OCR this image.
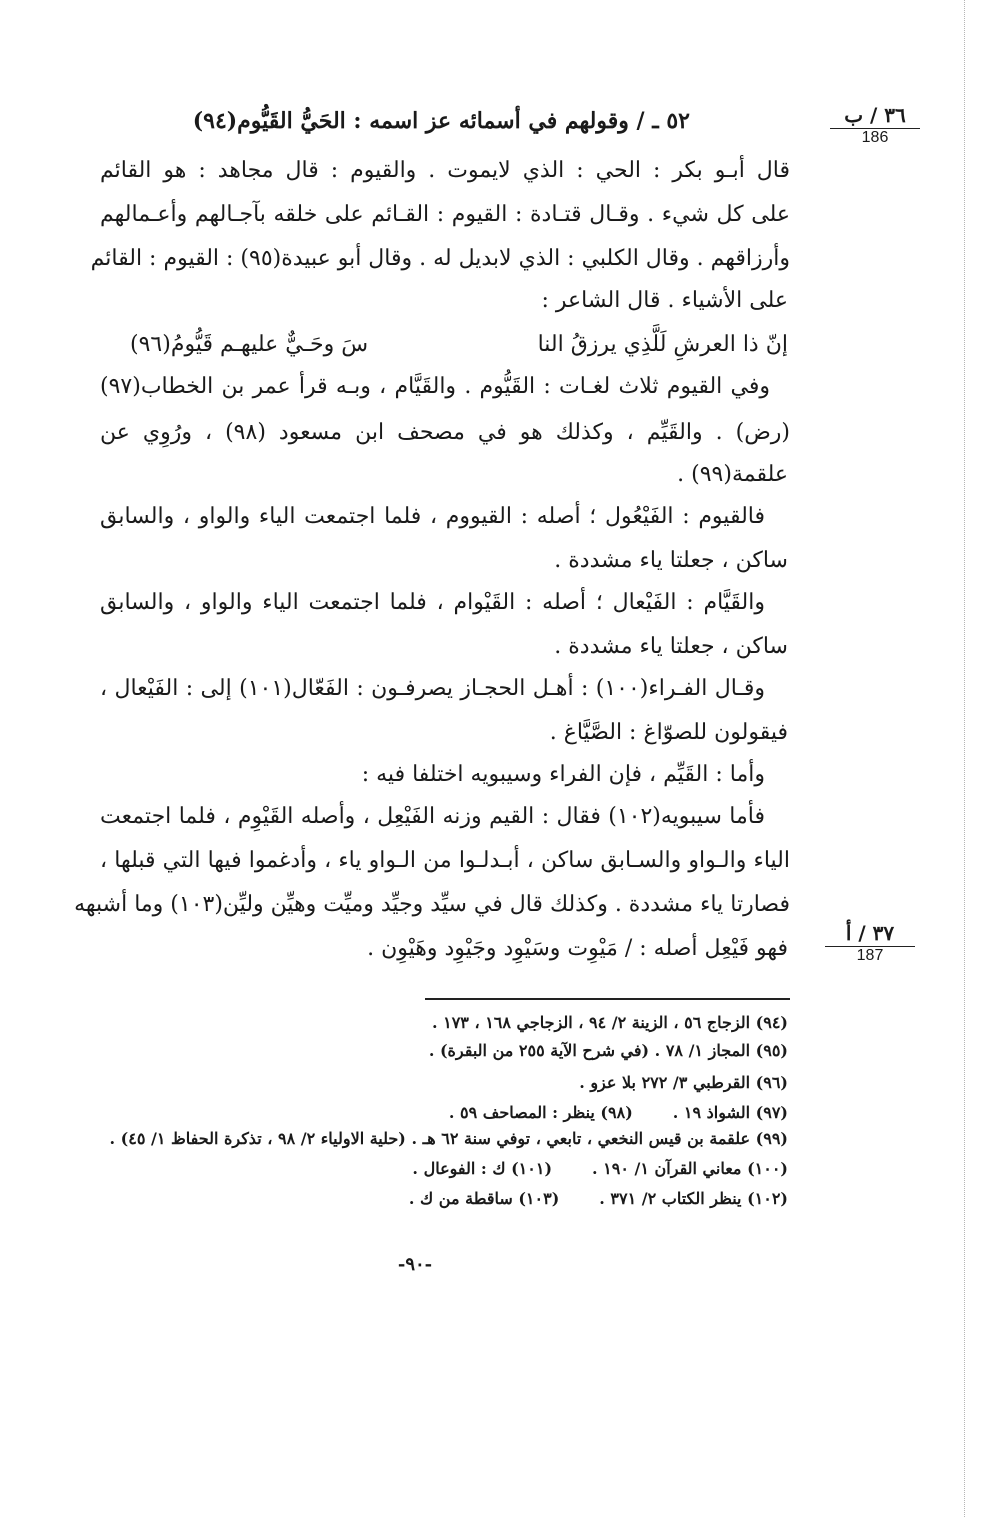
٣٦ / ب
186
٣٧ / أ
187
٥٢ ـ / وقولهم في أسمائه عز اسمه : الحَيُّ القَيُّوم(٩٤)
قال أبـو بكر : الحي : الذي لايموت . والقيوم : قال مجاهد : هو القائم
على كل شيء . وقـال قتـادة : القيوم : القـائم على خلقه بآجـالهم وأعـمالهم
وأرزاقهم . وقال الكلبي : الذي لابديل له . وقال أبو عبيدة(٩٥) : القيوم : القائم
على الأشياء . قال الشاعر :
إنّ ذا العرشِ لَلَّذِي يرزقُ النا
سَ وحَـيٌّ عليهـم قَيُّومُ(٩٦)
وفي القيوم ثلاث لغـات : القَيُّوم . والقَيَّام ، وبـه قرأ عمر بن الخطاب(٩٧)
(رض) . والقَيِّم ، وكذلك هو في مصحف ابن مسعود (٩٨) ، ورُوِي عن
علقمة(٩٩) .
فالقيوم : الفَيْعُول ؛ أصله : القيووم ، فلما اجتمعت الياء والواو ، والسابق
ساكن ، جعلتا ياء مشددة .
والقَيَّام : الفَيْعال ؛ أصله : القَيْوام ، فلما اجتمعت الياء والواو ، والسابق
ساكن ، جعلتا ياء مشددة .
وقـال الفـراء(١٠٠) : أهـل الحجـاز يصرفـون : الفَعّال(١٠١) إلى : الفَيْعال ،
فيقولون للصوّاغ : الصَّيَّاغ .
وأما : القَيِّم ، فإن الفراء وسيبويه اختلفا فيه :
فأما سيبويه(١٠٢) فقال : القيم وزنه الفَيْعِل ، وأصله القَيْوِم ، فلما اجتمعت
الياء والـواو والسـابق ساكن ، أبـدلـوا من الـواو ياء ، وأدغموا فيها التي قبلها ،
فصارتا ياء مشددة . وكذلك قال في سيِّد وجيِّد وميِّت وهيِّن وليِّن(١٠٣) وما أشبهه
فهو فَيْعِل أصله : / مَيْوِت وسَيْوِد وجَيْوِد وهَيْوِن .
(٩٤) الزجاج ٥٦ ، الزينة ٢/ ٩٤ ، الزجاجي ١٦٨ ، ١٧٣ .
(٩٥) المجاز ١/ ٧٨ . (في شرح الآية ٢٥٥ من البقرة) .
(٩٦) القرطبي ٣/ ٢٧٢ بلا عزو .
(٩٧) الشواذ ١٩ .(٩٨) ينظر : المصاحف ٥٩ .
(٩٩) علقمة بن قيس النخعي ، تابعي ، توفي سنة ٦٢ هـ . (حلية الاولياء ٢/ ٩٨ ، تذكرة الحفاظ ١/ ٤٥) .
(١٠٠) معاني القرآن ١/ ١٩٠ .(١٠١) ك : الفوعال .
(١٠٢) ينظر الكتاب ٢/ ٣٧١ .(١٠٣) ساقطة من ك .
-٩٠-
